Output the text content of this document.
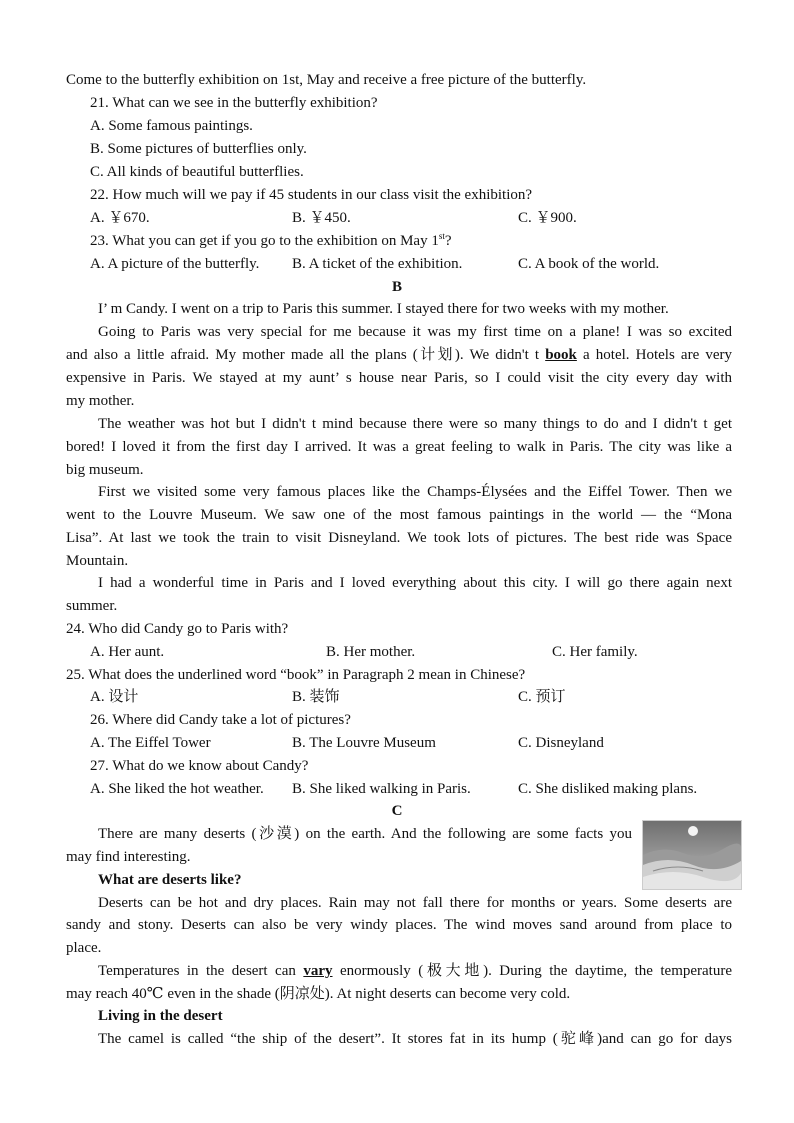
Come to the butterfly exhibition on 1st, May and receive a free picture of the butterfly.
21. What can we see in the butterfly exhibition?
A. Some famous paintings.
B. Some pictures of butterflies only.
C. All kinds of beautiful butterflies.
22. How much will we pay if 45 students in our class visit the exhibition?
A. ￥670.	B. ￥450.	C. ￥900.
23. What you can get if you go to the exhibition on May 1st?
A. A picture of the butterfly. B. A ticket of the exhibition.	C. A book of the world.
B
I’ m Candy. I went on a trip to Paris this summer. I stayed there for two weeks with my mother.
Going to Paris was very special for me because it was my first time on a plane! I was so excited
and also a little afraid. My mother made all the plans (计划). We didn't t book a hotel. Hotels are very
expensive in Paris. We stayed at my aunt’ s house near Paris, so I could visit the city every day with
my mother.
The weather was hot but I didn't t mind because there were so many things to do and I didn't t get
bored! I loved it from the first day I arrived. It was a great feeling to walk in Paris. The city was like a
big museum.
First we visited some very famous places like the Champs-Élysées and the Eiffel Tower. Then we
went to the Louvre Museum. We saw one of the most famous paintings in the world — the “Mona
Lisa”. At last we took the train to visit Disneyland. We took lots of pictures. The best ride was Space
Mountain.
I had a wonderful time in Paris and I loved everything about this city. I will go there again next
summer.
24. Who did Candy go to Paris with?
A. Her aunt.	B. Her mother.	C. Her family.
25. What does the underlined word “book” in Paragraph 2 mean in Chinese?
A. 设计	B. 装饰	C. 预订
26. Where did Candy take a lot of pictures?
A. The Eiffel Tower	B. The Louvre Museum	C. Disneyland
27. What do we know about Candy?
A. She liked the hot weather. B. She liked walking in Paris.	C. She disliked making plans.
C
There are many deserts (沙漠) on the earth. And the following are some facts you
may find interesting.
What are deserts like?
Deserts can be hot and dry places. Rain may not fall there for months or years. Some deserts are
sandy and stony. Deserts can also be very windy places. The wind moves sand around from place to
place.
Temperatures in the desert can vary enormously (极大地). During the daytime, the temperature
may reach 40℃ even in the shade (阴凉处). At night deserts can become very cold.
Living in the desert
The camel is called “the ship of the desert”. It stores fat in its hump (驼峰)and can go for days
